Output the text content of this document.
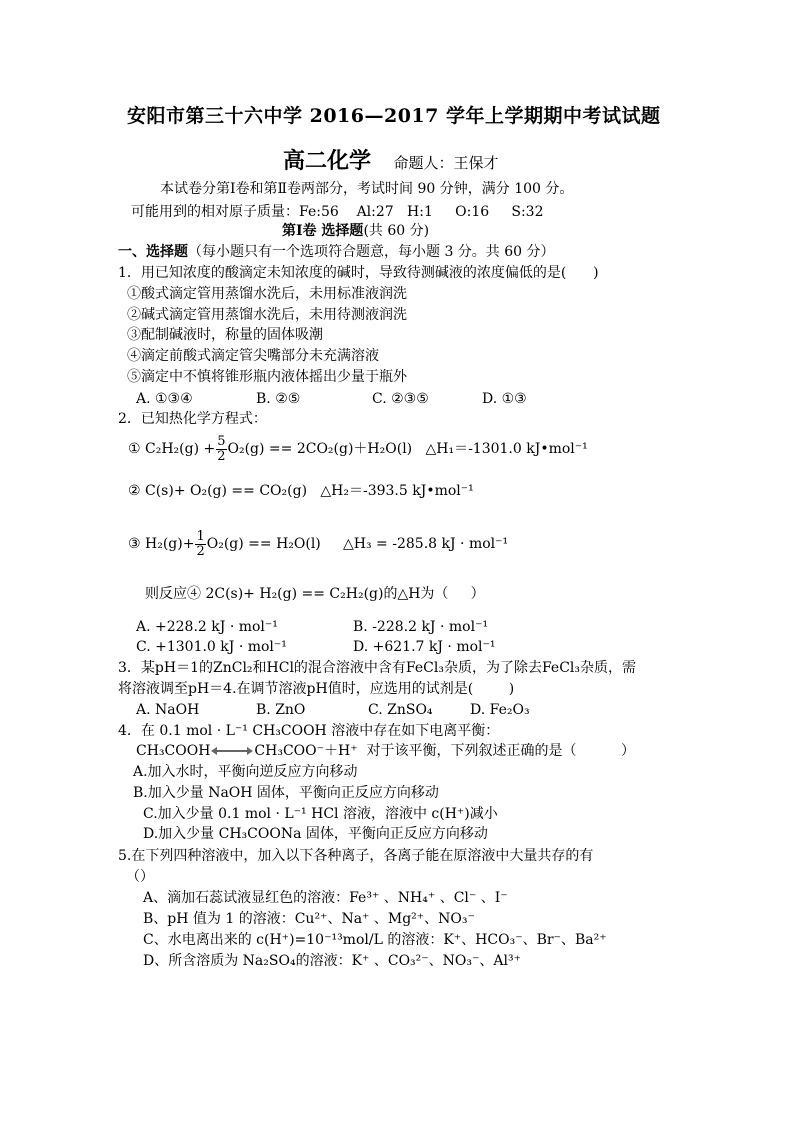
安阳市第三十六中学 2016—2017 学年上学期期中考试试题
高二化学 命题人：王保才
本试卷分第Ⅰ卷和第Ⅱ卷两部分，考试时间 90 分钟，满分 100 分。
可能用到的相对原子质量：Fe:56    Al:27   H:1     O:16     S:32
第Ⅰ卷 选择题(共 60 分)
一、选择题（每小题只有一个选项符合题意，每小题 3 分。共 60 分）
1．用已知浓度的酸滴定未知浓度的碱时，导致待测碱液的浓度偏低的是(      )
①酸式滴定管用蒸馏水洗后，未用标准液润洗
②碱式滴定管用蒸馏水洗后，未用待测液润洗
③配制碱液时，称量的固体吸潮
④滴定前酸式滴定管尖嘴部分未充满溶液
⑤滴定中不慎将锥形瓶内液体摇出少量于瓶外
A. ①③④	B. ②⑤	C. ②③⑤	D. ①③
2．已知热化学方程式：
① $C_2H_2(g) + \frac{5}{2} O_2(g) == 2CO_2(g)+H_2O(l)$   △H₁＝-1301.0 kJ•mol⁻¹
② C(s)+ O₂(g) == CO₂(g)   △H₂＝-393.5 kJ•mol⁻¹
③ $H_2(g)+ \frac{1}{2} O_2(g) == H_2O(l)$     △H₃ = -285.8 kJ · mol⁻¹
则反应④ 2C(s)+ H₂(g) == C₂H₂(g)的△H为（     ）
A. +228.2 kJ · mol⁻¹	B. -228.2 kJ · mol⁻¹
C. +1301.0 kJ · mol⁻¹	D. +621.7 kJ · mol⁻¹
3．某pH＝1的ZnCl₂和HCl的混合溶液中含有FeCl₃杂质，为了除去FeCl₃杂质，需
将溶液调至pH＝4.在调节溶液pH值时，应选用的试剂是(        )
A. NaOH	B. ZnO	C. ZnSO₄	D. Fe₂O₃
4．在 0.1 mol · L⁻¹ CH₃COOH 溶液中存在如下电离平衡：
CH₃COOH	CH₃COO⁻＋H⁺  对于该平衡，下列叙述正确的是（          ）
A.加入水时，平衡向逆反应方向移动
B.加入少量 NaOH 固体，平衡向正反应方向移动
C.加入少量 0.1 mol · L⁻¹ HCl 溶液，溶液中 c(H⁺)减小
D.加入少量 CH₃COONa 固体，平衡向正反应方向移动
5.在下列四种溶液中，加入以下各种离子，各离子能在原溶液中大量共存的有
（）
A、滴加石蕊试液显红色的溶液：Fe³⁺ 、NH₄⁺ 、Cl⁻ 、I⁻
B、pH 值为 1 的溶液：Cu²⁺、Na⁺ 、Mg²⁺、NO₃⁻
C、水电离出来的 c(H⁺)=10⁻¹³mol/L 的溶液：K⁺、HCO₃⁻、Br⁻、Ba²⁺
D、所含溶质为 Na₂SO₄的溶液：K⁺ 、CO₃²⁻、NO₃⁻、Al³⁺
